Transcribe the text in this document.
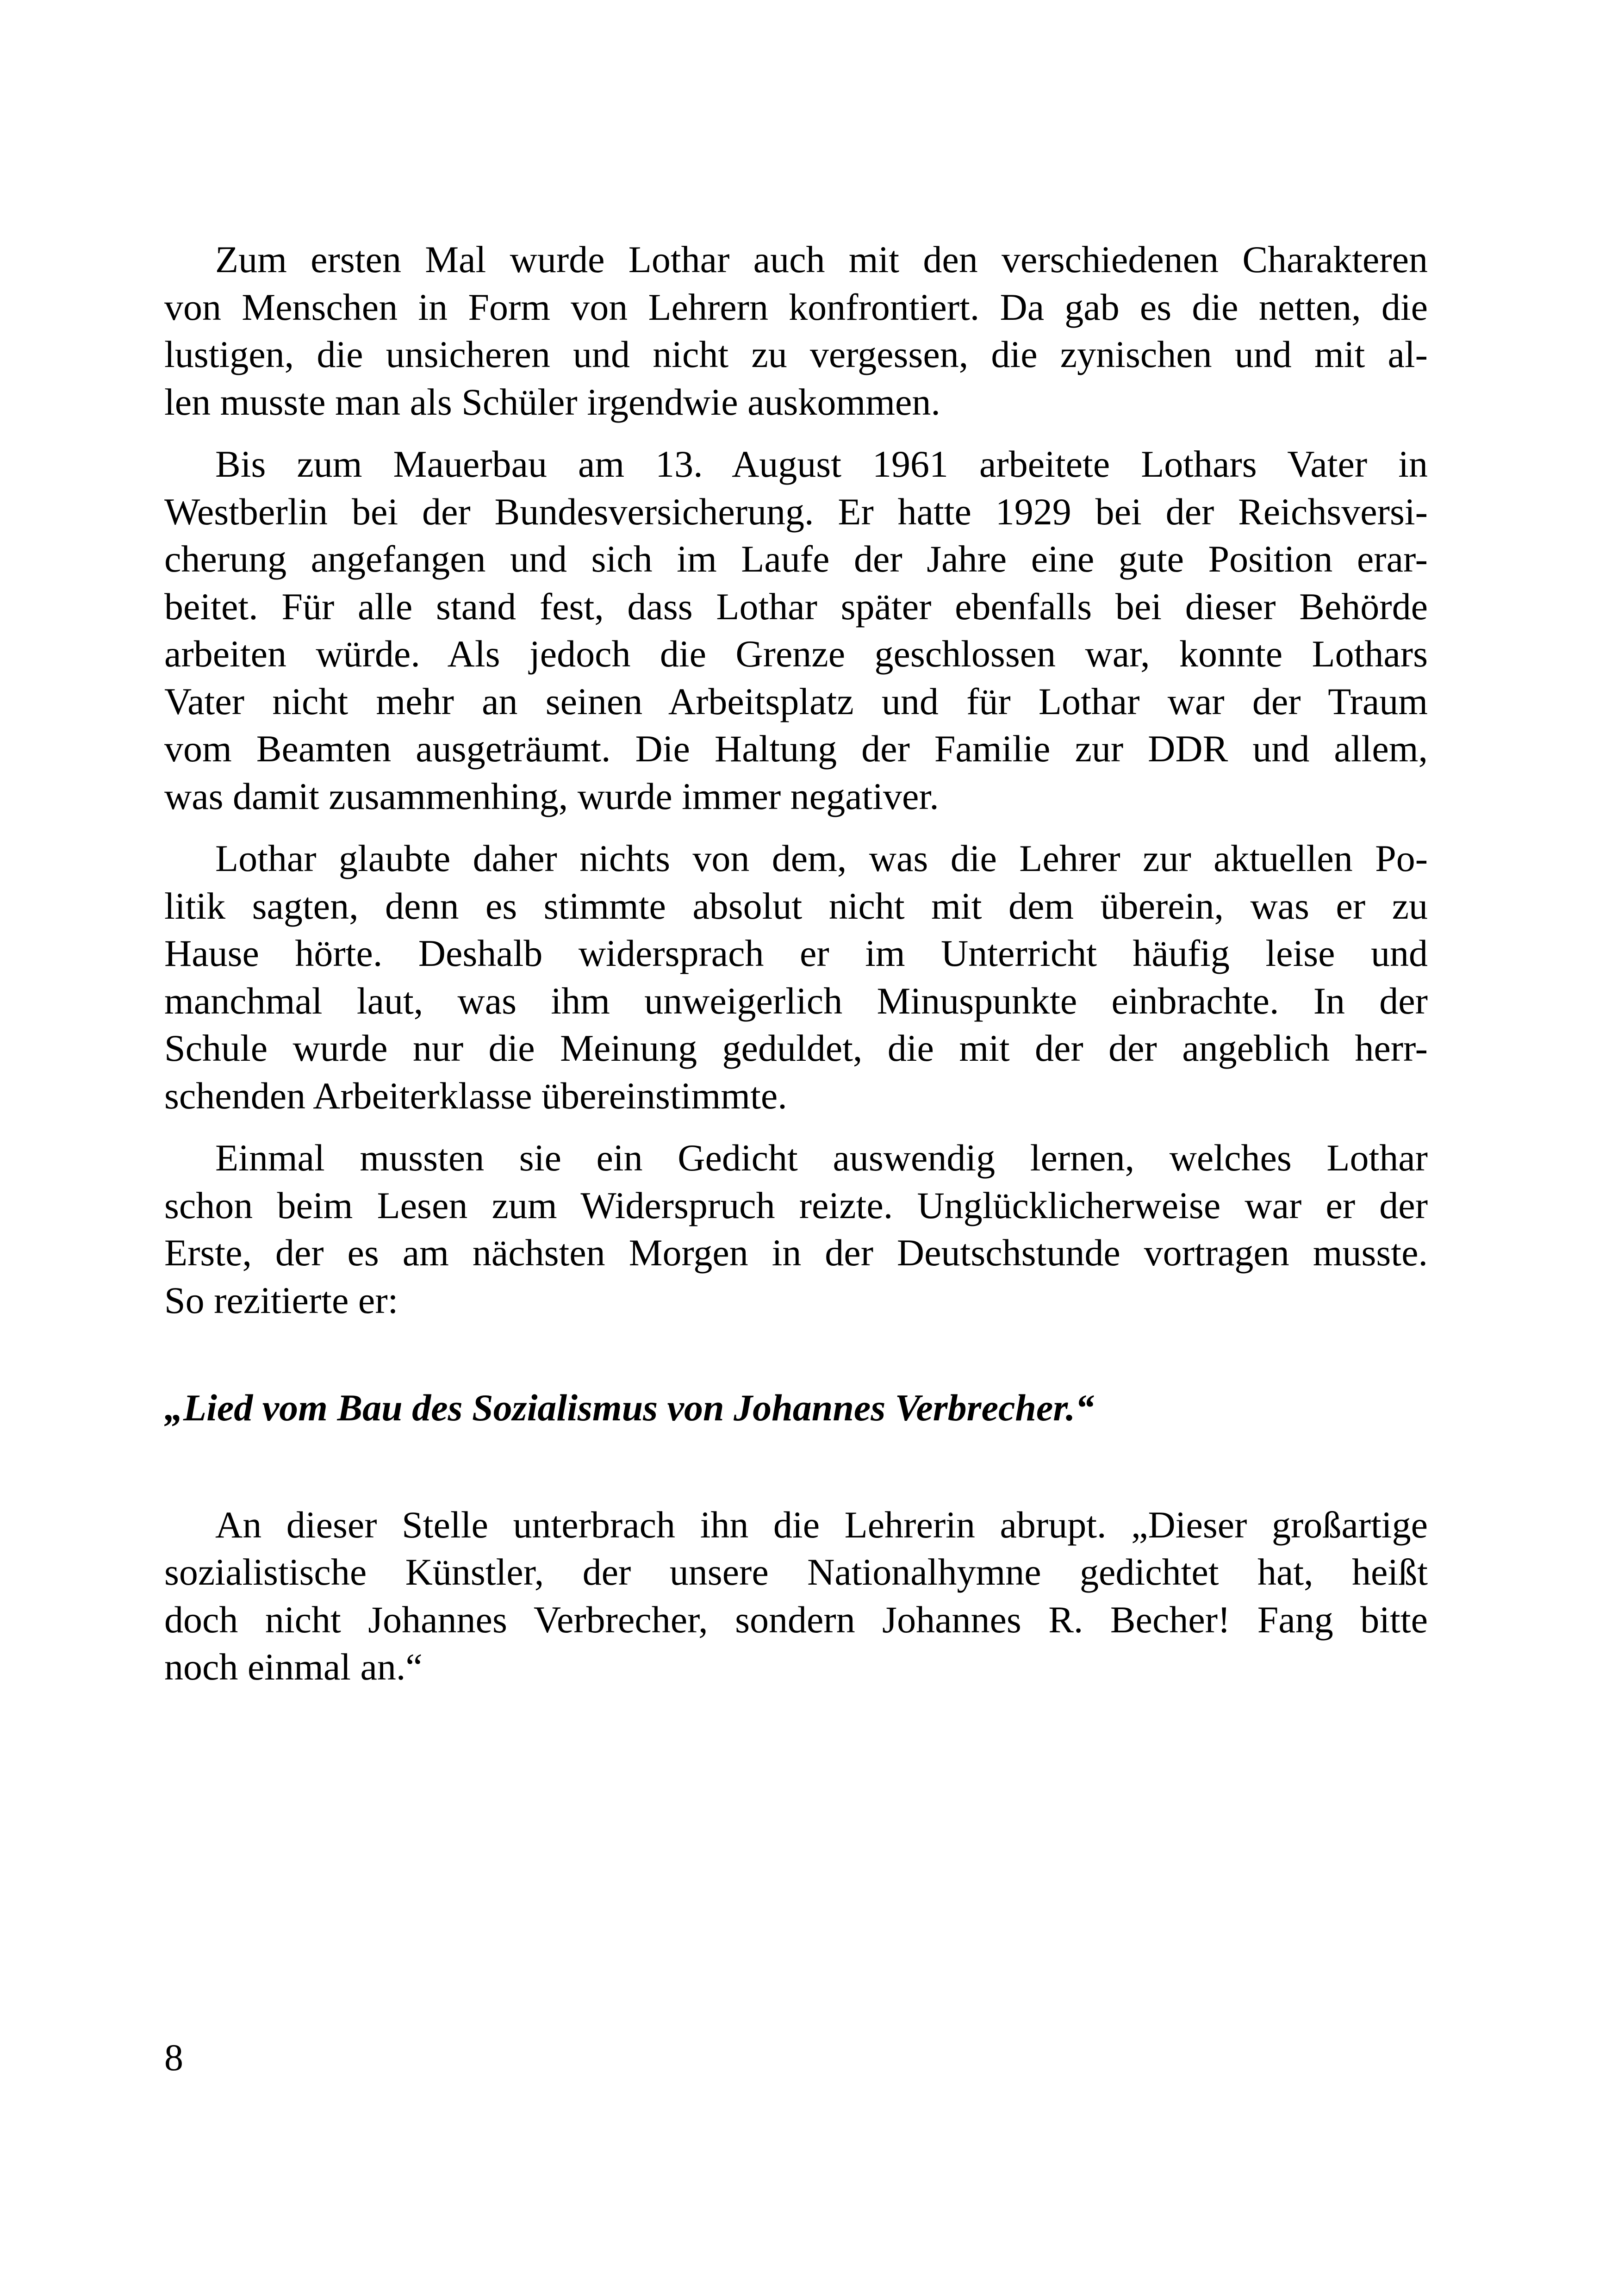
Zum ersten Mal wurde Lothar auch mit den verschiedenen Charakteren
von Menschen in Form von Lehrern konfrontiert. Da gab es die netten, die
lustigen, die unsicheren und nicht zu vergessen, die zynischen und mit al-
len musste man als Schüler irgendwie auskommen.
Bis zum Mauerbau am 13. August 1961 arbeitete Lothars Vater in
Westberlin bei der Bundesversicherung. Er hatte 1929 bei der Reichsversi-
cherung angefangen und sich im Laufe der Jahre eine gute Position erar-
beitet. Für alle stand fest, dass Lothar später ebenfalls bei dieser Behörde
arbeiten würde. Als jedoch die Grenze geschlossen war, konnte Lothars
Vater nicht mehr an seinen Arbeitsplatz und für Lothar war der Traum
vom Beamten ausgeträumt. Die Haltung der Familie zur DDR und allem,
was damit zusammenhing, wurde immer negativer.
Lothar glaubte daher nichts von dem, was die Lehrer zur aktuellen Po-
litik sagten, denn es stimmte absolut nicht mit dem überein, was er zu
Hause hörte. Deshalb widersprach er im Unterricht häufig leise und
manchmal laut, was ihm unweigerlich Minuspunkte einbrachte. In der
Schule wurde nur die Meinung geduldet, die mit der der angeblich herr-
schenden Arbeiterklasse übereinstimmte.
Einmal mussten sie ein Gedicht auswendig lernen, welches Lothar
schon beim Lesen zum Widerspruch reizte. Unglücklicherweise war er der
Erste, der es am nächsten Morgen in der Deutschstunde vortragen musste.
So rezitierte er:
„Lied vom Bau des Sozialismus von Johannes Verbrecher.“
An dieser Stelle unterbrach ihn die Lehrerin abrupt. „Dieser großartige
sozialistische Künstler, der unsere Nationalhymne gedichtet hat, heißt
doch nicht Johannes Verbrecher, sondern Johannes R. Becher! Fang bitte
noch einmal an.“
8
